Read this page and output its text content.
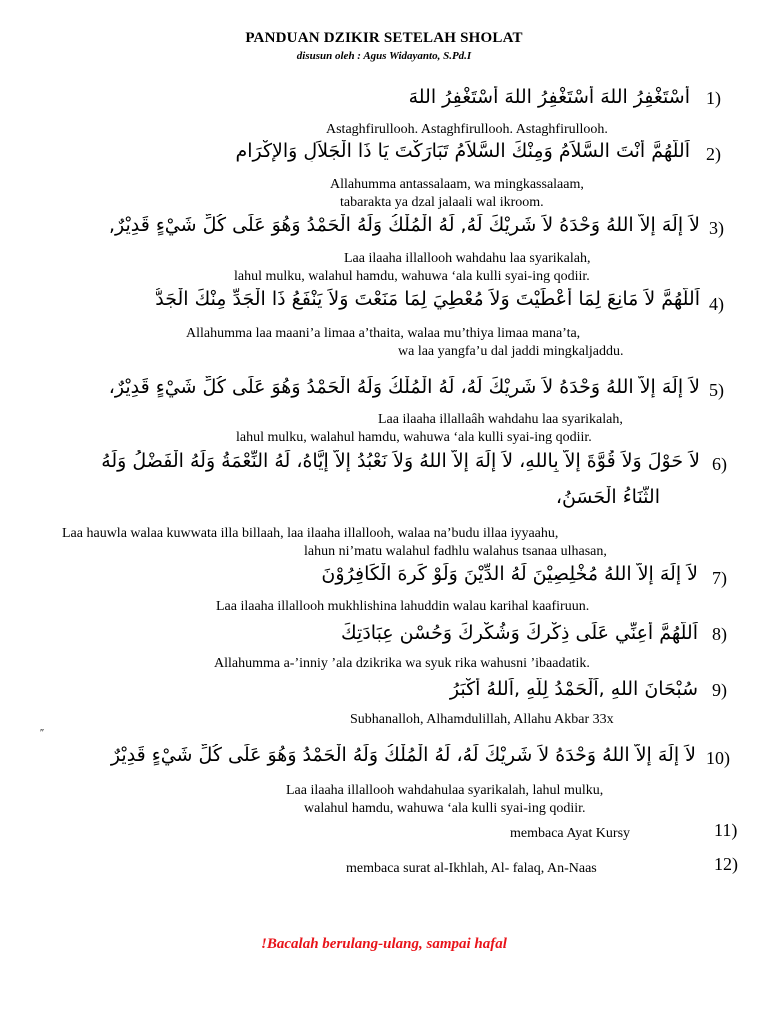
PANDUAN DZIKIR SETELAH SHOLAT
disusun oleh : Agus Widayanto, S.Pd.I
أَسْتَغْفِرُ اللهَ أَسْتَغْفِرُ اللهَ أَسْتَغْفِرُ اللهَ 1)
Astaghfirullooh. Astaghfirullooh. Astaghfirullooh.
اَللَّهُمَّ أَنْتَ السَّلاَمُ وَمِنْكَ السَّلاَمُ تَبَارَكْتَ يَا ذَا الْجَلاَلِ وَالإِكْرَامِ 2)
Allahumma antassalaam, wa mingkassalaam,
tabarakta ya dzal jalaali wal ikroom.
لاَ إِلَهَ إِلاَّ اللهُ وَحْدَهُ لاَ شَرِيْكَ لَهُ, لَهُ الْمُلْكُ وَلَهُ الْحَمْدُ وَهُوَ عَلَى كُلِّ شَيْءٍ قَدِيْرٌ, 3)
Laa ilaaha illallooh wahdahu laa syarikalah,
lahul mulku, walahul hamdu, wahuwa ‘ala kulli syai-ing qodiir.
اَللَّهُمَّ لاَ مَانِعَ لِمَا أَعْطَيْتَ وَلاَ مُعْطِيَ لِمَا مَنَعْتَ وَلاَ يَنْفَعُ ذَا الْجَدِّ مِنْكَ الْجَدُّ 4)
Allahumma laa maani’a limaa a’thaita, walaa mu’thiya limaa mana’ta,
wa laa yangfa’u dal jaddi mingkaljaddu.
لاَ إِلَهَ إِلاَّ اللهُ وَحْدَهُ لاَ شَرِيْكَ لَهُ، لَهُ الْمُلْكُ وَلَهُ الْحَمْدُ وَهُوَ عَلَى كُلِّ شَيْءٍ قَدِيْرٌ، 5)
Laa ilaaha illallaâh wahdahu laa syarikalah,
lahul mulku, walahul hamdu, wahuwa ‘ala kulli syai-ing qodiir.
لاَ حَوْلَ وَلاَ قُوَّةَ إِلاَّ بِاللهِ، لاَ إِلَهَ إِلاَّ اللهُ وَلاَ نَعْبُدُ إِلاَّ إِيَّاهُ، لَهُ النِّعْمَةُ وَلَهُ الْفَضْلُ وَلَهُ 6)
الثَّنَاءُ الْحَسَنُ،
Laa hauwla walaa kuwwata illa billaah, laa ilaaha illallooh, walaa na’budu illaa iyyaahu,
lahun ni’matu walahul fadhlu walahus tsanaa ulhasan,
لاَ إِلَهَ إِلاَّ اللهُ مُخْلِصِيْنَ لَهُ الدِّيْنَ وَلَوْ كَرِهَ الْكَافِرُوْنَ 7)
Laa ilaaha illallooh mukhlishina lahuddin walau karihal kaafiruun.
اَللَّهُمَّ أَعِنِّي عَلَى ذِكْرِكَ وَشُكْرِكَ وَحُسْنِ عِبَادَتِكَ 8)
Allahumma a-’inniy ’ala dzikrika wa syuk rika wahusni ’ibaadatik.
سُبْحَانَ اللهِ ,اَلْحَمْدُ لِلَّهِ ,اَللهُ أَكْبَرُ 9)
Subhanalloh, Alhamdulillah, Allahu Akbar 33x
″
لاَ إِلَهَ إِلاَّ اللهُ وَحْدَهُ لاَ شَرِيْكَ لَهُ، لَهُ الْمُلْكُ وَلَهُ الْحَمْدُ وَهُوَ عَلَى كُلِّ شَيْءٍ قَدِيْرٌ 10)
Laa ilaaha illallooh wahdahulaa syarikalah, lahul mulku,
walahul hamdu, wahuwa ‘ala kulli syai-ing qodiir.
membaca Ayat Kursy	11)
membaca surat al-Ikhlah, Al- falaq, An-Naas	12)
!Bacalah berulang-ulang, sampai hafal
